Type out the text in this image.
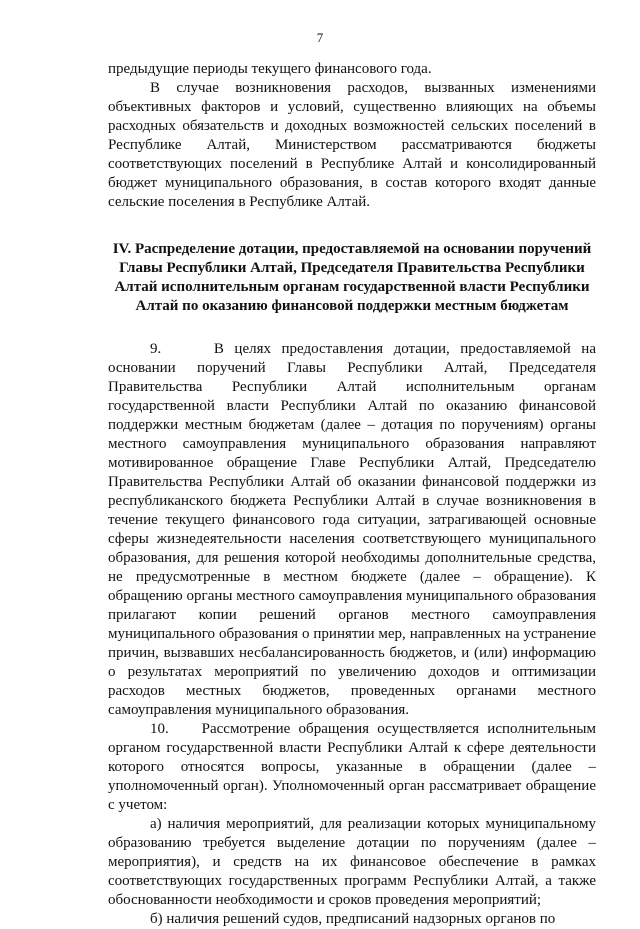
7

предыдущие периоды текущего финансового года.

В случае возникновения расходов, вызванных изменениями объективных факторов и условий, существенно влияющих на объемы расходных обязательств и доходных возможностей сельских поселений в Республике Алтай, Министерством рассматриваются бюджеты соответствующих поселений в Республике Алтай и консолидированный бюджет муниципального образования, в состав которого входят данные сельские поселения в Республике Алтай.

IV. Распределение дотации, предоставляемой на основании поручений Главы Республики Алтай, Председателя Правительства Республики Алтай исполнительным органам государственной власти Республики Алтай по оказанию финансовой поддержки местным бюджетам

9.     В целях предоставления дотации, предоставляемой на основании поручений Главы Республики Алтай, Председателя Правительства Республики Алтай исполнительным органам государственной власти Республики Алтай по оказанию финансовой поддержки местным бюджетам (далее – дотация по поручениям) органы местного самоуправления муниципального образования направляют мотивированное обращение Главе Республики Алтай, Председателю Правительства Республики Алтай об оказании финансовой поддержки из республиканского бюджета Республики Алтай в случае возникновения в течение текущего финансового года ситуации, затрагивающей основные сферы жизнедеятельности населения соответствующего муниципального образования, для решения которой необходимы дополнительные средства, не предусмотренные в местном бюджете (далее – обращение). К обращению органы местного самоуправления муниципального образования прилагают копии решений органов местного самоуправления муниципального образования о принятии мер, направленных на устранение причин, вызвавших несбалансированность бюджетов, и (или) информацию о результатах мероприятий по увеличению доходов и оптимизации расходов местных бюджетов, проведенных органами местного самоуправления муниципального образования.

10.    Рассмотрение обращения осуществляется исполнительным органом государственной власти Республики Алтай к сфере деятельности которого относятся вопросы, указанные в обращении (далее – уполномоченный орган). Уполномоченный орган рассматривает обращение с учетом:

а) наличия мероприятий, для реализации которых муниципальному образованию требуется выделение дотации по поручениям (далее – мероприятия), и средств на их финансовое обеспечение в рамках соответствующих государственных программ Республики Алтай, а также обоснованности необходимости и сроков проведения мероприятий;

б) наличия решений судов, предписаний надзорных органов по
